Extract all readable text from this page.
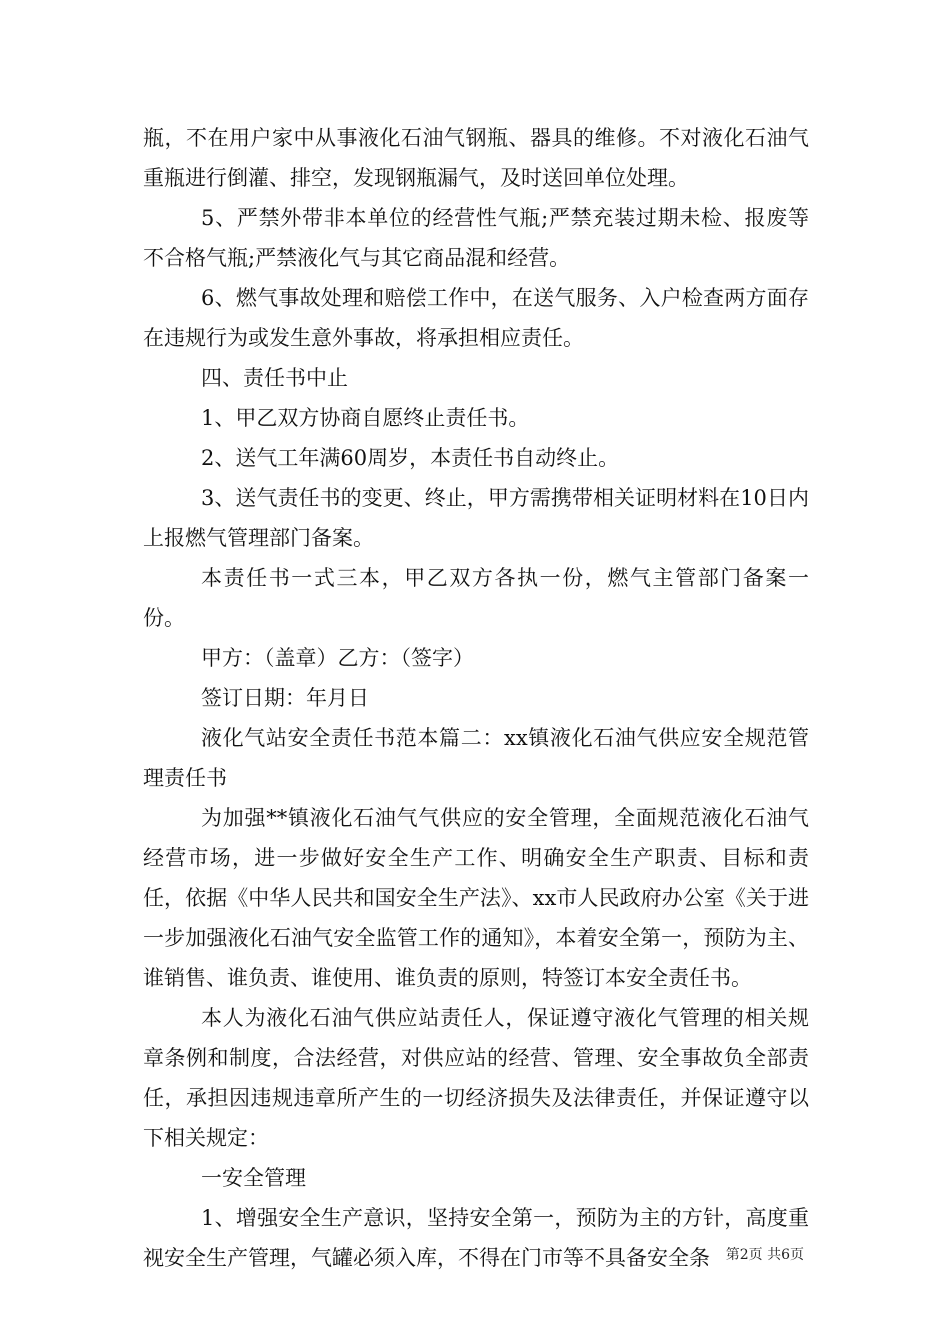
瓶，不在用户家中从事液化石油气钢瓶、器具的维修。不对液化石油气重瓶进行倒灌、排空，发现钢瓶漏气，及时送回单位处理。

5、严禁外带非本单位的经营性气瓶;严禁充装过期未检、报废等不合格气瓶;严禁液化气与其它商品混和经营。

6、燃气事故处理和赔偿工作中，在送气服务、入户检查两方面存在违规行为或发生意外事故，将承担相应责任。

四、责任书中止

1、甲乙双方协商自愿终止责任书。

2、送气工年满60周岁，本责任书自动终止。

3、送气责任书的变更、终止，甲方需携带相关证明材料在10日内上报燃气管理部门备案。

本责任书一式三本，甲乙双方各执一份，燃气主管部门备案一份。

甲方：（盖章）乙方：（签字）

签订日期：年月日

液化气站安全责任书范本篇二：xx镇液化石油气供应安全规范管理责任书

为加强**镇液化石油气气供应的安全管理，全面规范液化石油气经营市场，进一步做好安全生产工作、明确安全生产职责、目标和责任，依据《中华人民共和国安全生产法》、xx市人民政府办公室《关于进一步加强液化石油气安全监管工作的通知》，本着安全第一，预防为主、谁销售、谁负责、谁使用、谁负责的原则，特签订本安全责任书。

本人为液化石油气供应站责任人，保证遵守液化气管理的相关规章条例和制度，合法经营，对供应站的经营、管理、安全事故负全部责任，承担因违规违章所产生的一切经济损失及法律责任，并保证遵守以下相关规定：

一安全管理

1、增强安全生产意识，坚持安全第一，预防为主的方针，高度重视安全生产管理，气罐必须入库，不得在门市等不具备安全条	第2页 共6页
